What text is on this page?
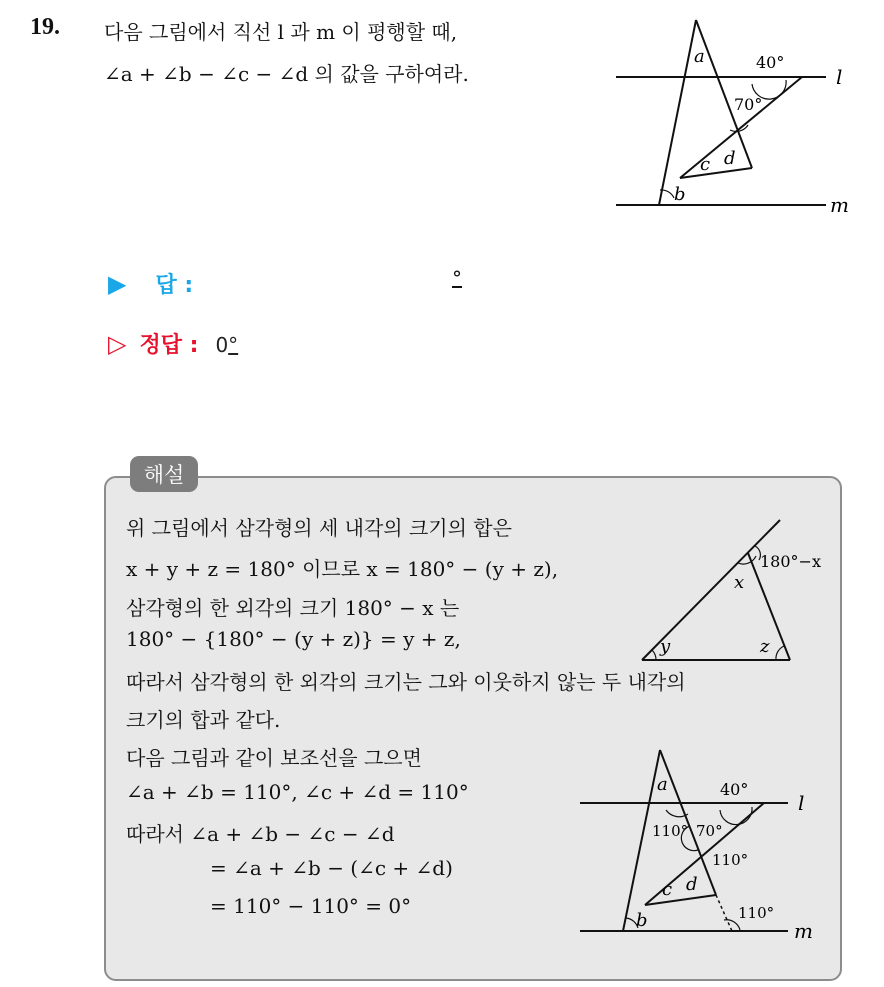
19. 다음 그림에서 직선 l 과 m 이 평행할 때,
∠a + ∠b − ∠c − ∠d 의 값을 구하여라.
a	40°
l
70°
c d
b	m
▶ 답 :	°
▷ 정답 : 0°
해설
위 그림에서 삼각형의 세 내각의 크기의 합은
x + y + z = 180° 이므로 x = 180° − (y + z),
삼각형의 한 외각의 크기 180° − x 는
180° − {180° − (y + z)} = y + z,
따라서 삼각형의 한 외각의 크기는 그와 이웃하지 않는 두 내각의
크기의 합과 같다.
다음 그림과 같이 보조선을 그으면
∠a + ∠b = 110°, ∠c + ∠d = 110°
따라서 ∠a + ∠b − ∠c − ∠d
= ∠a + ∠b − (∠c + ∠d)
= 110° − 110° = 0°
180°−x
x
y	z
a	40°
l
110° 70°
110°
c d
b	110°
m
